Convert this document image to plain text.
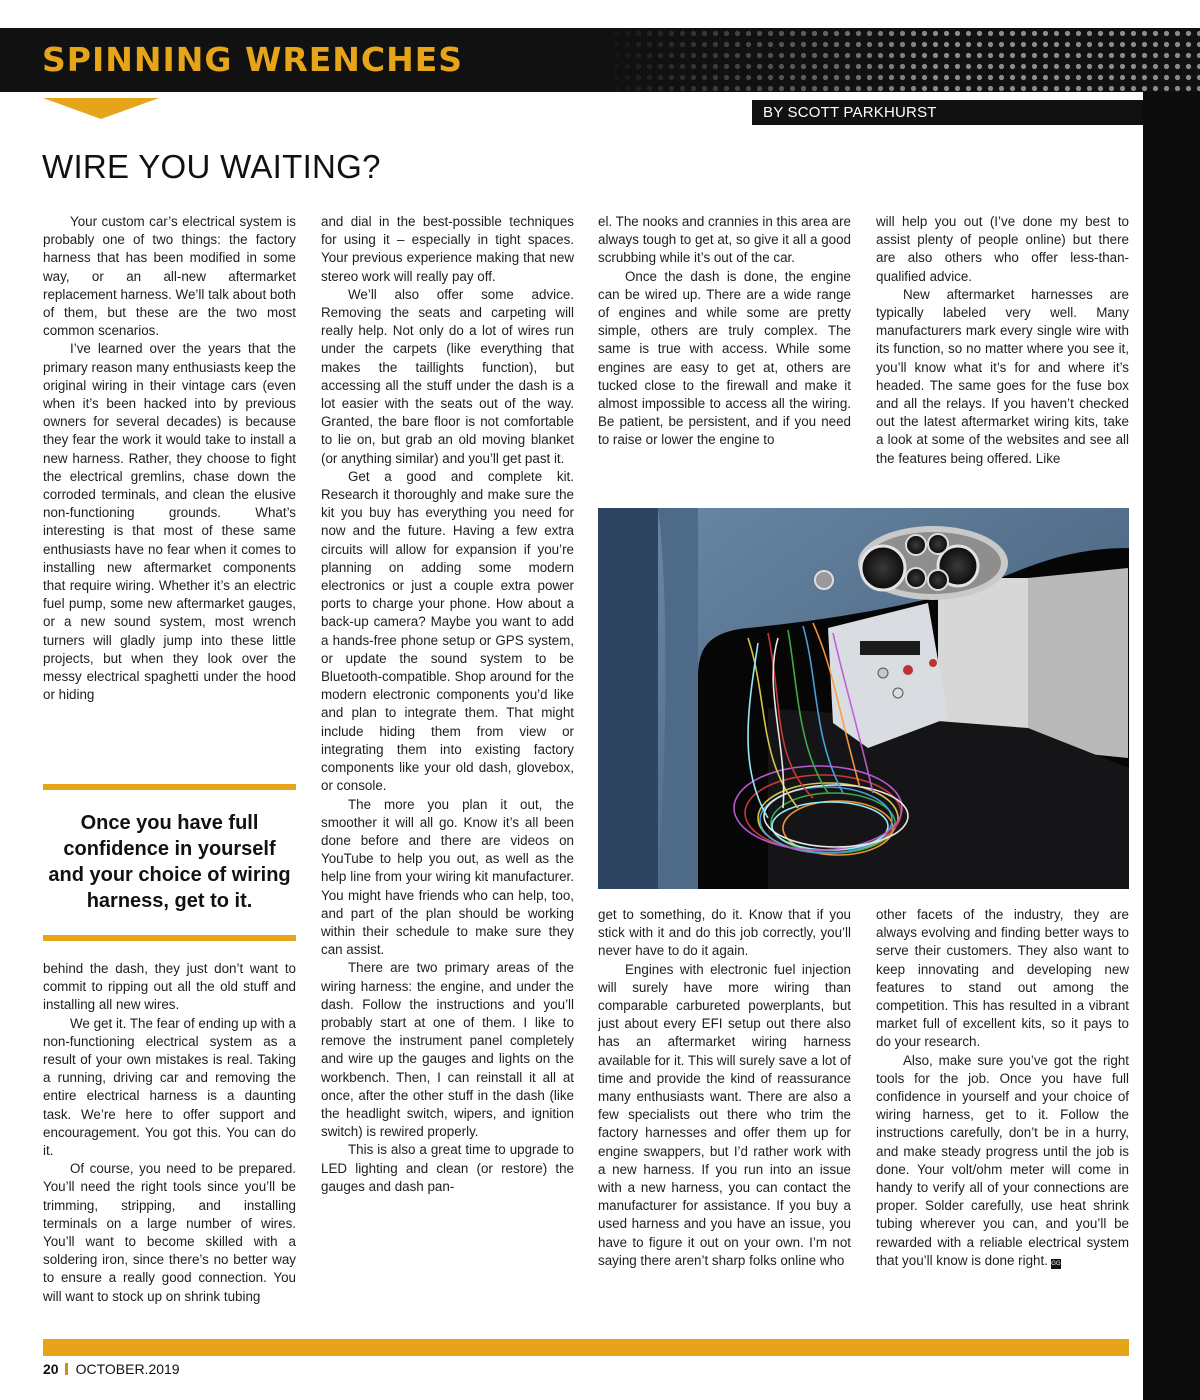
SPINNING WRENCHES
BY SCOTT PARKHURST
WIRE YOU WAITING?

Your custom car’s electrical system is probably one of two things: the factory harness that has been modified in some way, or an all-new aftermarket replacement harness. We’ll talk about both of them, but these are the two most common scenarios.

I’ve learned over the years that the primary reason many enthusiasts keep the original wiring in their vintage cars (even when it’s been hacked into by previous owners for several decades) is because they fear the work it would take to install a new harness. Rather, they choose to fight the electrical gremlins, chase down the corroded terminals, and clean the elusive non-functioning grounds. What’s interesting is that most of these same enthusiasts have no fear when it comes to installing new aftermarket components that require wiring. Whether it’s an electric fuel pump, some new aftermarket gauges, or a new sound system, most wrench turners will gladly jump into these little projects, but when they look over the messy electrical spaghetti under the hood or hiding

Once you have full confidence in yourself and your choice of wiring harness, get to it.

behind the dash, they just don’t want to commit to ripping out all the old stuff and installing all new wires.

We get it. The fear of ending up with a non-functioning electrical system as a result of your own mistakes is real. Taking a running, driving car and removing the entire electrical harness is a daunting task. We’re here to offer support and encouragement. You got this. You can do it.

Of course, you need to be prepared. You’ll need the right tools since you’ll be trimming, stripping, and installing terminals on a large number of wires. You’ll want to become skilled with a soldering iron, since there’s no better way to ensure a really good connection. You will want to stock up on shrink tubing

and dial in the best-possible techniques for using it – especially in tight spaces. Your previous experience making that new stereo work will really pay off.

We’ll also offer some advice. Removing the seats and carpeting will really help. Not only do a lot of wires run under the carpets (like everything that makes the taillights function), but accessing all the stuff under the dash is a lot easier with the seats out of the way. Granted, the bare floor is not comfortable to lie on, but grab an old moving blanket (or anything similar) and you’ll get past it.

Get a good and complete kit. Research it thoroughly and make sure the kit you buy has everything you need for now and the future. Having a few extra circuits will allow for expansion if you’re planning on adding some modern electronics or just a couple extra power ports to charge your phone. How about a back-up camera? Maybe you want to add a hands-free phone setup or GPS system, or update the sound system to be Bluetooth-compatible. Shop around for the modern electronic components you’d like and plan to integrate them. That might include hiding them from view or integrating them into existing factory components like your old dash, glovebox, or console.

The more you plan it out, the smoother it will all go. Know it’s all been done before and there are videos on YouTube to help you out, as well as the help line from your wiring kit manufacturer. You might have friends who can help, too, and part of the plan should be working within their schedule to make sure they can assist.

There are two primary areas of the wiring harness: the engine, and under the dash. Follow the instructions and you’ll probably start at one of them. I like to remove the instrument panel completely and wire up the gauges and lights on the workbench. Then, I can reinstall it all at once, after the other stuff in the dash (like the headlight switch, wipers, and ignition switch) is rewired properly.

This is also a great time to upgrade to LED lighting and clean (or restore) the gauges and dash pan-

el. The nooks and crannies in this area are always tough to get at, so give it all a good scrubbing while it’s out of the car.

Once the dash is done, the engine can be wired up. There are a wide range of engines and while some are pretty simple, others are truly complex. The same is true with access. While some engines are easy to get at, others are tucked close to the firewall and make it almost impossible to access all the wiring. Be patient, be persistent, and if you need to raise or lower the engine to

will help you out (I’ve done my best to assist plenty of people online) but there are also others who offer less-than-qualified advice.

New aftermarket harnesses are typically labeled very well. Many manufacturers mark every single wire with its function, so no matter where you see it, you’ll know what it’s for and where it’s headed. The same goes for the fuse box and all the relays. If you haven’t checked out the latest aftermarket wiring kits, take a look at some of the websites and see all the features being offered. Like

get to something, do it. Know that if you stick with it and do this job correctly, you’ll never have to do it again.

Engines with electronic fuel injection will surely have more wiring than comparable carbureted powerplants, but just about every EFI setup out there also has an aftermarket wiring harness available for it. This will surely save a lot of time and provide the kind of reassurance many enthusiasts want. There are also a few specialists out there who trim the factory harnesses and offer them up for engine swappers, but I’d rather work with a new harness. If you run into an issue with a new harness, you can contact the manufacturer for assistance. If you buy a used harness and you have an issue, you have to figure it out on your own. I’m not saying there aren’t sharp folks online who

other facets of the industry, they are always evolving and finding better ways to serve their customers. They also want to keep innovating and developing new features to stand out among the competition. This has resulted in a vibrant market full of excellent kits, so it pays to do your research.

Also, make sure you’ve got the right tools for the job. Once you have full confidence in yourself and your choice of wiring harness, get to it. Follow the instructions carefully, don’t be in a hurry, and make steady progress until the job is done. Your volt/ohm meter will come in handy to verify all of your connections are proper. Solder carefully, use heat shrink tubing wherever you can, and you’ll be rewarded with a reliable electrical system that you’ll know is done right. GG

20 OCTOBER.2019
